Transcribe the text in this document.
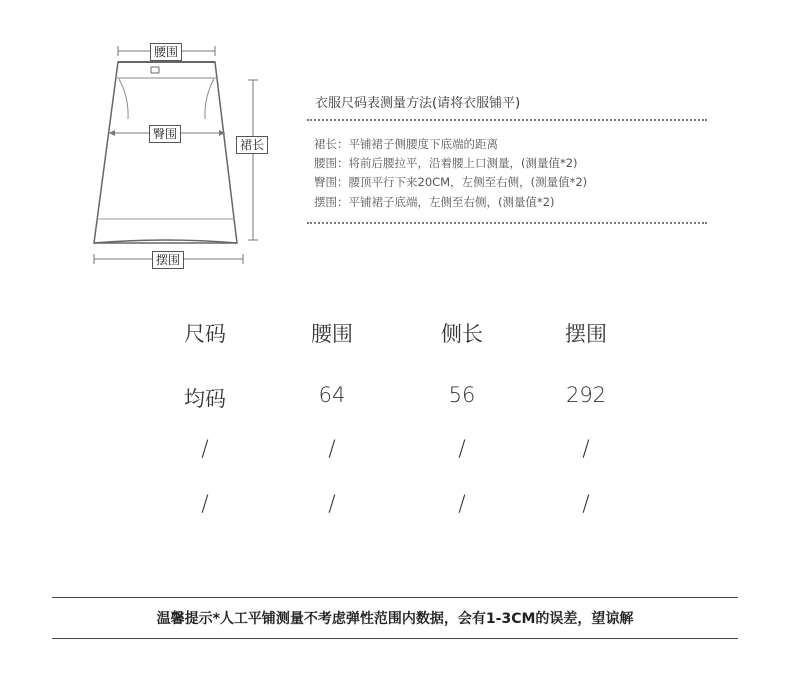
腰围
臀围
裙长
摆围
衣服尺码表测量方法(请将衣服铺平)
裙长：平铺裙子侧腰度下底端的距离
腰围：将前后腰拉平，沿着腰上口测量，(测量值*2)
臀围：腰顶平行下来20CM，左侧至右侧，(测量值*2)
摆围：平铺裙子底端，左侧至右侧，(测量值*2)
尺码	腰围	侧长	摆围
均码	64	56	292
/	/	/	/
/	/	/	/
温馨提示*人工平铺测量不考虑弹性范围内数据，会有1-3CM的误差，望谅解
